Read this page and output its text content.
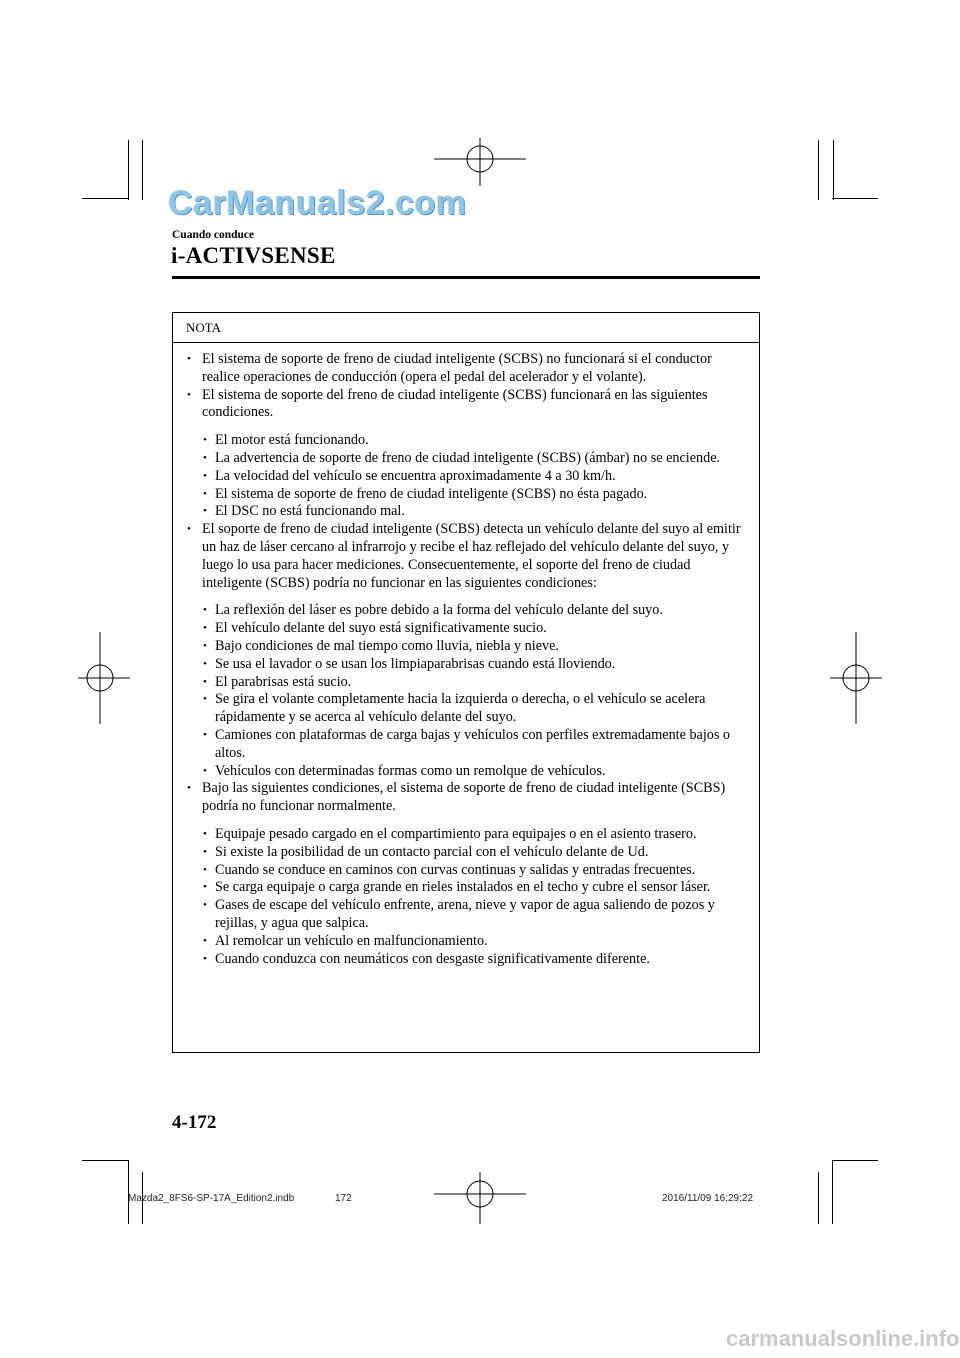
CarManuals2.com
Cuando conduce
i-ACTIVSENSE
NOTA
• El sistema de soporte de freno de ciudad inteligente (SCBS) no funcionará si el conductor realice operaciones de conducción (opera el pedal del acelerador y el volante).
• El sistema de soporte del freno de ciudad inteligente (SCBS) funcionará en las siguientes condiciones.
• El motor está funcionando.
• La advertencia de soporte de freno de ciudad inteligente (SCBS) (ámbar) no se enciende.
• La velocidad del vehículo se encuentra aproximadamente 4 a 30 km/h.
• El sistema de soporte de freno de ciudad inteligente (SCBS) no ésta pagado.
• El DSC no está funcionando mal.
• El soporte de freno de ciudad inteligente (SCBS) detecta un vehículo delante del suyo al emitir un haz de láser cercano al infrarrojo y recibe el haz reflejado del vehículo delante del suyo, y luego lo usa para hacer mediciones. Consecuentemente, el soporte del freno de ciudad inteligente (SCBS) podría no funcionar en las siguientes condiciones:
• La reflexión del láser es pobre debido a la forma del vehículo delante del suyo.
• El vehículo delante del suyo está significativamente sucio.
• Bajo condiciones de mal tiempo como lluvia, niebla y nieve.
• Se usa el lavador o se usan los limpiaparabrisas cuando está lloviendo.
• El parabrisas está sucio.
• Se gira el volante completamente hacia la izquierda o derecha, o el vehículo se acelera rápidamente y se acerca al vehículo delante del suyo.
• Camiones con plataformas de carga bajas y vehículos con perfiles extremadamente bajos o altos.
• Vehículos con determinadas formas como un remolque de vehículos.
• Bajo las siguientes condiciones, el sistema de soporte de freno de ciudad inteligente (SCBS) podría no funcionar normalmente.
• Equipaje pesado cargado en el compartimiento para equipajes o en el asiento trasero.
• Si existe la posibilidad de un contacto parcial con el vehículo delante de Ud.
• Cuando se conduce en caminos con curvas continuas y salidas y entradas frecuentes.
• Se carga equipaje o carga grande en rieles instalados en el techo y cubre el sensor láser.
• Gases de escape del vehículo enfrente, arena, nieve y vapor de agua saliendo de pozos y rejillas, y agua que salpica.
• Al remolcar un vehículo en malfuncionamiento.
• Cuando conduzca con neumáticos con desgaste significativamente diferente.
4-172
Mazda2_8FS6-SP-17A_Edition2.indb	172	2016/11/09 16:29:22
carmanualsonline.info
